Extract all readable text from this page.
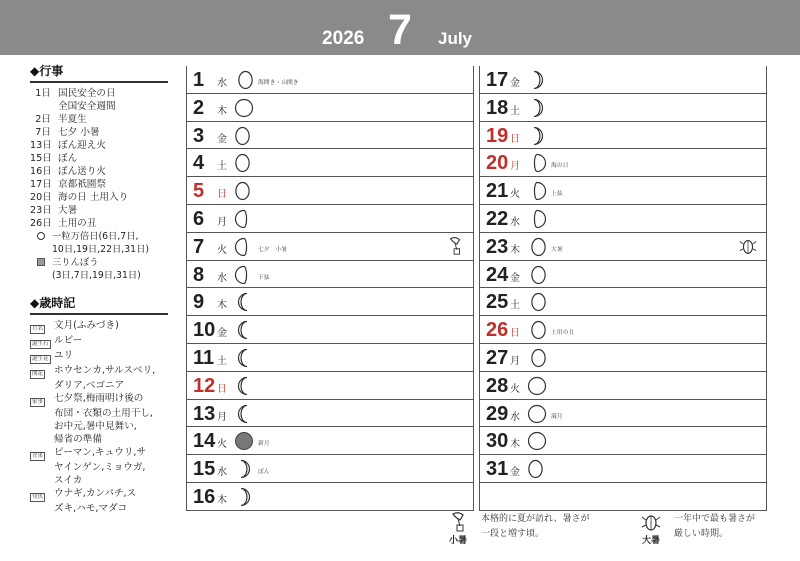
2026 7 July
◆行事
1日 国民安全の日
全国安全週間
2日 半夏生
7日 七夕 小暑
13日 ぼん迎え火
15日 ぼん
16日 ぼん送り火
17日 京都祇園祭
20日 海の日 土用入り
23日 大暑
26日 土用の丑
一粒万倍日(6日,7日,
10日,19日,22日,31日)
三りんぼう
(3日,7日,19日,31日)
◆歳時記
月名	文月(ふみづき)
誕生石 ルビー
誕生花 ユリ
開花	ホウセンカ,サルスベリ,
ダリア,ベゴニア
家事	七夕祭,梅雨明け後の
布団・衣類の土用干し,
お中元,暑中見舞い,
帰省の準備
青果	ピーマン,キュウリ,サ
ヤインゲン,ミョウガ,
スイカ
旬魚	ウナギ,カンパチ,ス
ズキ,ハモ,マダコ
1 水	海開き・山開き
2 木
3 金
4 土
5 日
6 月
7 火	七夕　小暑
8 水	下弦
9 木
10 金
11 土
12 日
13 月
14 火	新月
15 水	ぼん
16 木
17 金
18 土
19 日
20 月	海の日
21 火	上弦
22 水
23 木	大暑
24 金
25 土
26 日	土用の丑
27 月
28 火
29 水	満月
30 木
31 金
小暑
本格的に夏が訪れ、暑さが
一段と増す頃。
大暑
一年中で最も暑さが
厳しい時期。
